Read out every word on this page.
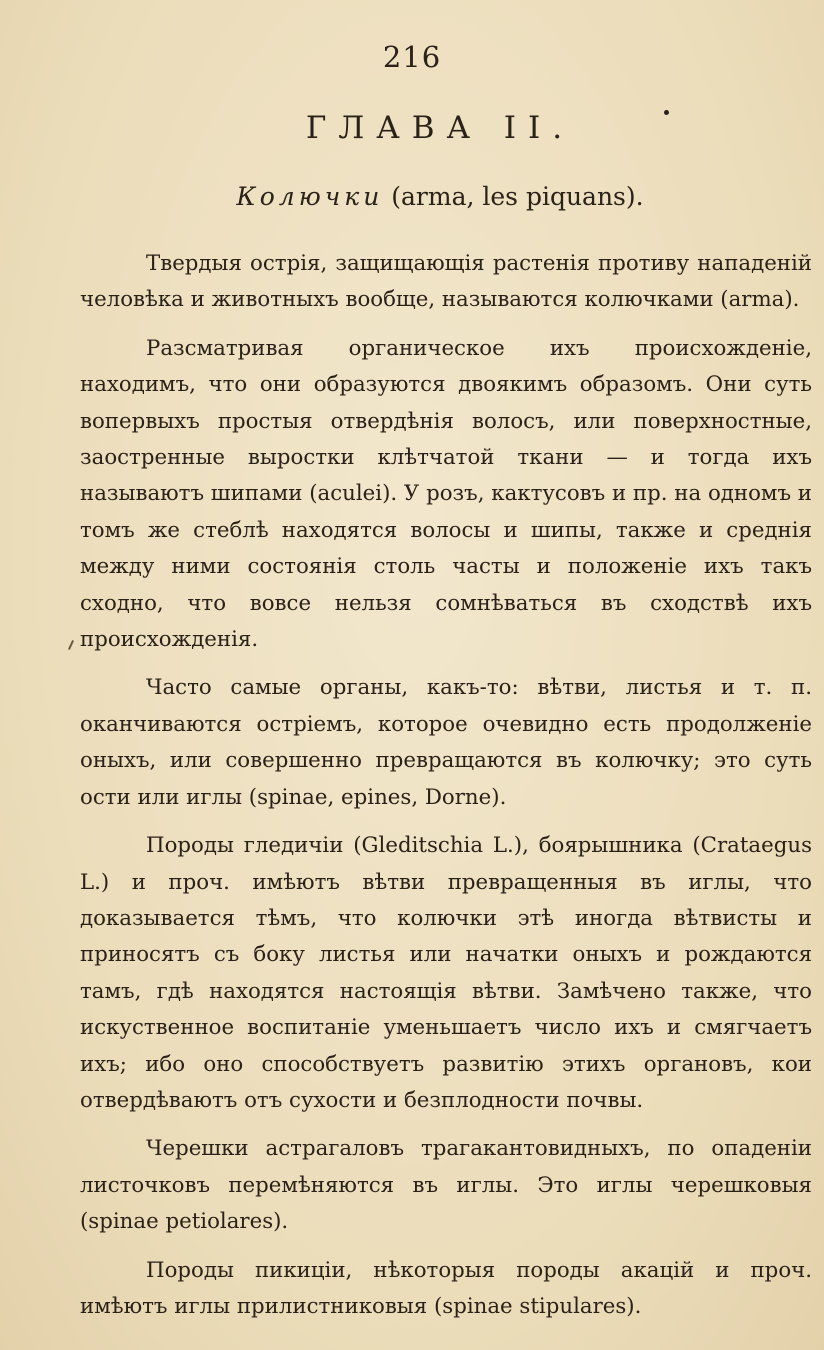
216
ГЛАВА II.
Колючки (arma, les piquans).

Твердыя острія, защищающія растенія противу нападеній человѣка и животныхъ вообще, называются колючками (arma).

Разсматривая органическое ихъ происхожденіе, находимъ, что они образуются двоякимъ образомъ. Они суть вопервыхъ простыя отвердѣнія волосъ, или поверхностные, заостренные выростки клѣтчатой ткани — и тогда ихъ называютъ шипами (aculei). У розъ, кактусовъ и пр. на одномъ и томъ же стеблѣ находятся волосы и шипы, также и среднія между ними состоянія столь часты и положеніе ихъ такъ сходно, что вовсе нельзя сомнѣваться въ сходствѣ ихъ происхожденія.

Часто самые органы, какъ-то: вѣтви, листья и т. п. оканчиваются остріемъ, которое очевидно есть продолженіе оныхъ, или совершенно превращаются въ колючку; это суть ости или иглы (spinae, epines, Dorne).

Породы гледичіи (Gleditschia L.), боярышника (Crataegus L.) и проч. имѣютъ вѣтви превращенныя въ иглы, что доказывается тѣмъ, что колючки этѣ иногда вѣтвисты и приносятъ съ боку листья или начатки оныхъ и рождаются тамъ, гдѣ находятся настоящія вѣтви. Замѣчено также, что искуственное воспитаніе уменьшаетъ число ихъ и смягчаетъ ихъ; ибо оно способствуетъ развитію этихъ органовъ, кои отвердѣваютъ отъ сухости и безплодности почвы.

Черешки астрагаловъ трагакантовидныхъ, по опаденіи листочковъ перемѣняются въ иглы. Это иглы черешковыя (spinae petiolares).

Породы пикиціи, нѣкоторыя породы акацій и проч. имѣютъ иглы прилистниковыя (spinae stipulares).
